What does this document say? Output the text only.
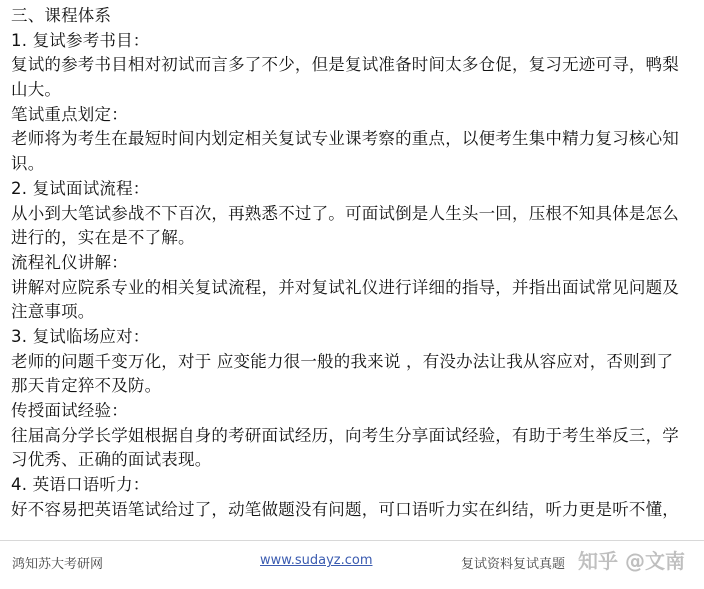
三、课程体系
1. 复试参考书目：
复试的参考书目相对初试而言多了不少，但是复试准备时间太多仓促，复习无迹可寻，鸭梨
山大。
笔试重点划定：
老师将为考生在最短时间内划定相关复试专业课考察的重点，以便考生集中精力复习核心知
识。
2. 复试面试流程：
从小到大笔试参战不下百次，再熟悉不过了。可面试倒是人生头一回，压根不知具体是怎么
进行的，实在是不了解。
流程礼仪讲解：
讲解对应院系专业的相关复试流程，并对复试礼仪进行详细的指导，并指出面试常见问题及
注意事项。
3. 复试临场应对：
老师的问题千变万化，对于 应变能力很一般的我来说 ，有没办法让我从容应对，否则到了
那天肯定猝不及防。
传授面试经验：
往届高分学长学姐根据自身的考研面试经历，向考生分享面试经验，有助于考生举反三，学
习优秀、正确的面试表现。
4. 英语口语听力：
好不容易把英语笔试给过了，动笔做题没有问题，可口语听力实在纠结，听力更是听不懂，
鸿知苏大考研网	www.sudayz.com	复试资料复试真题 知乎 @文南
